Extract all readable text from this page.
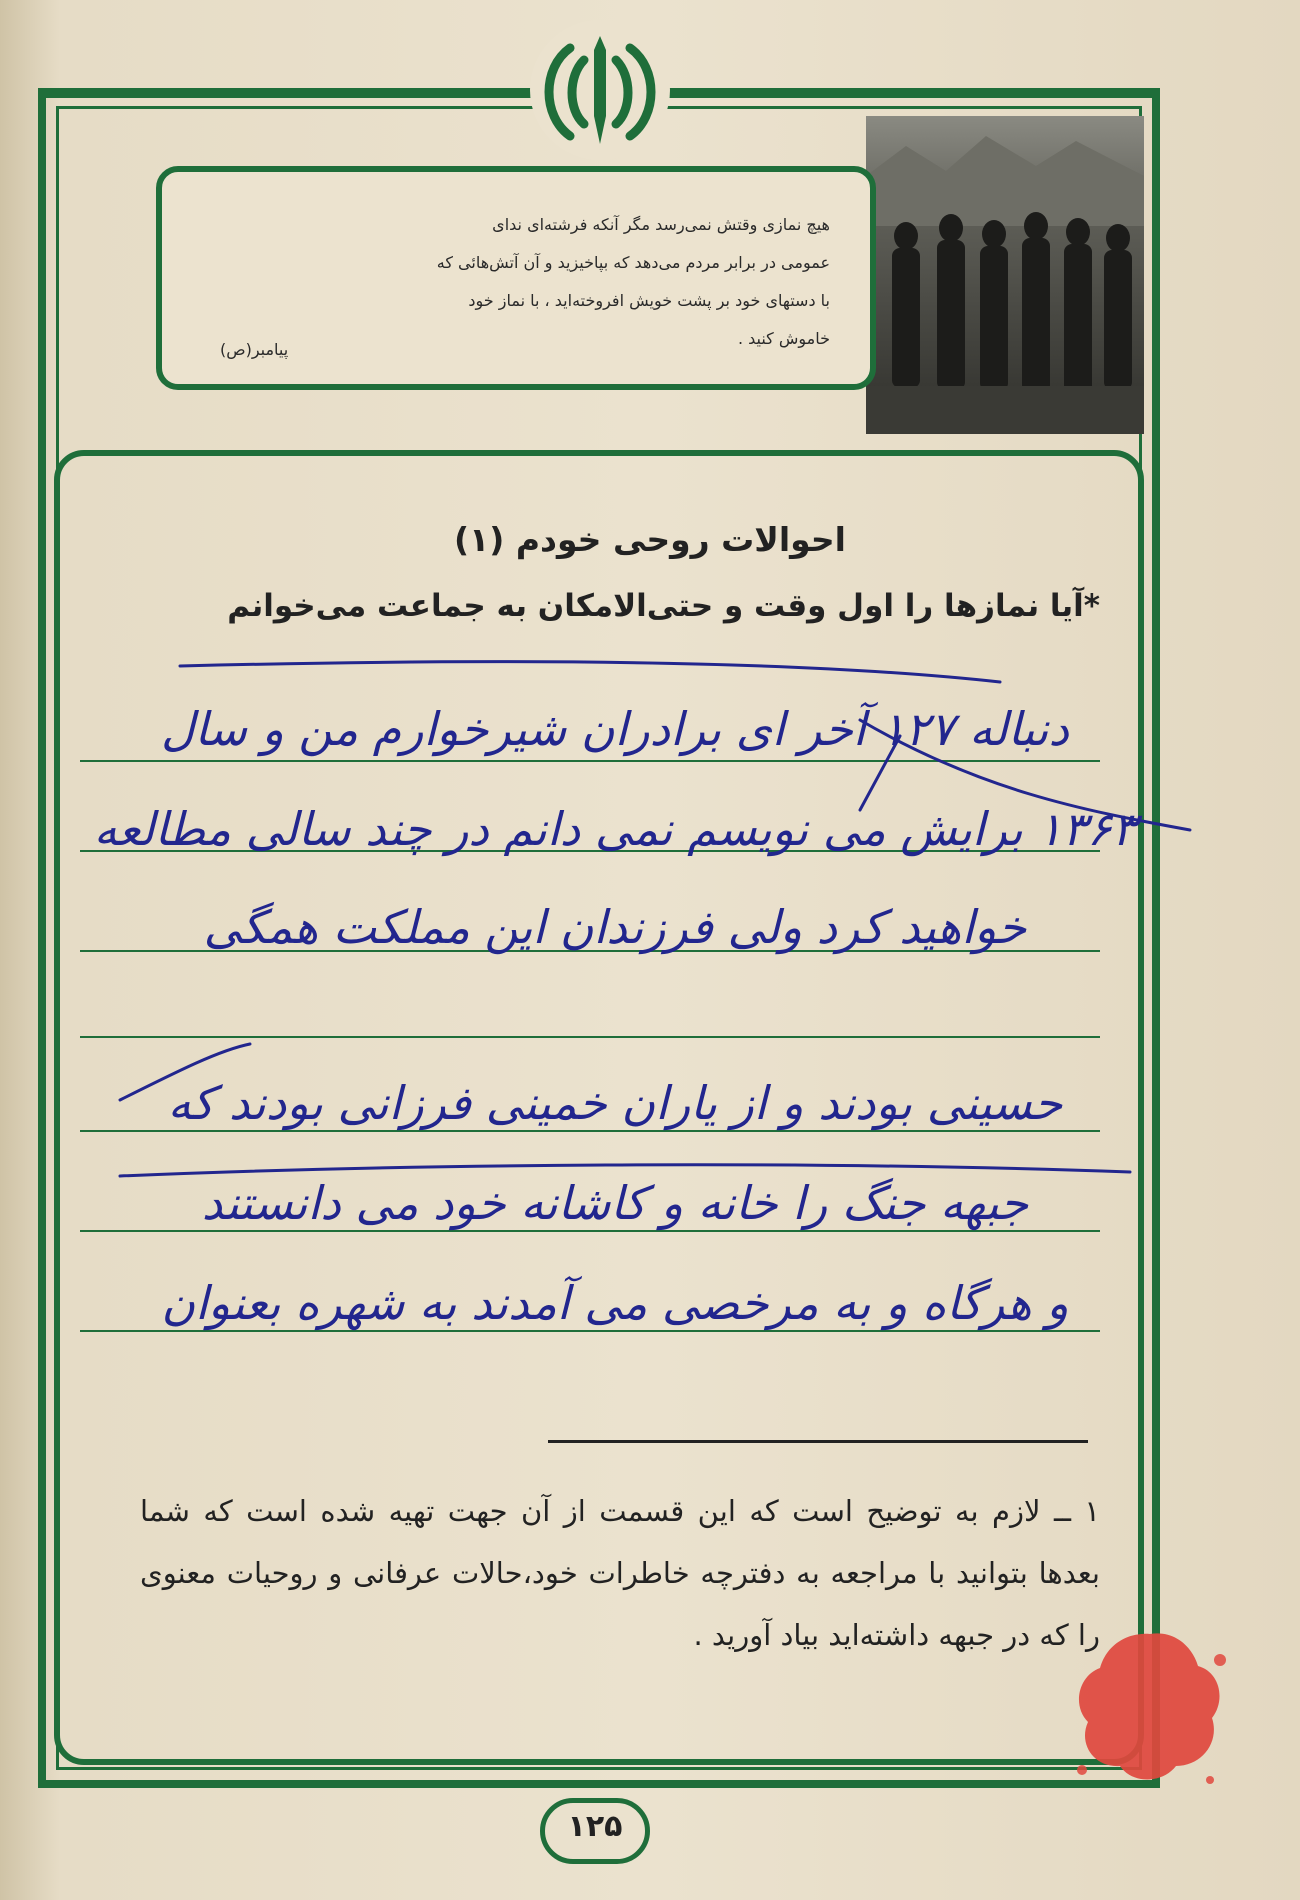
هیچ نمازی وقتش نمی‌رسد مگر آنکه فرشته‌ای ندای
عمومی در برابر مردم می‌دهد که بپاخیزید و آن آتش‌هائی که
با دستهای خود بر پشت خویش افروخته‌اید ، با نماز خود
خاموش کنید .
پیامبر(ص)
احوالات روحی خودم (۱)
*آیا نمازها را اول وقت و حتی‌الامکان به جماعت می‌خوانم
دنباله ۱۲۷ آخر ای برادران شیرخوارم من و سال
۱۳۶۳ برایش می نویسم نمی دانم در چند سالی مطالعه
خواهید کرد ولی فرزندان این مملکت همگی
حسینی بودند و از یاران خمینی فرزانی بودند که
جبهه جنگ را خانه و کاشانه خود می دانستند
و هرگاه و به مرخصی می آمدند به شهره بعنوان
۱ ــ لازم به توضیح است که این قسمت از آن جهت تهیه شده است که شما بعدها بتوانید با مراجعه به دفترچه خاطرات خود،حالات عرفانی و روحیات معنوی را که در جبهه داشته‌اید بیاد آورید .
۱۲۵
